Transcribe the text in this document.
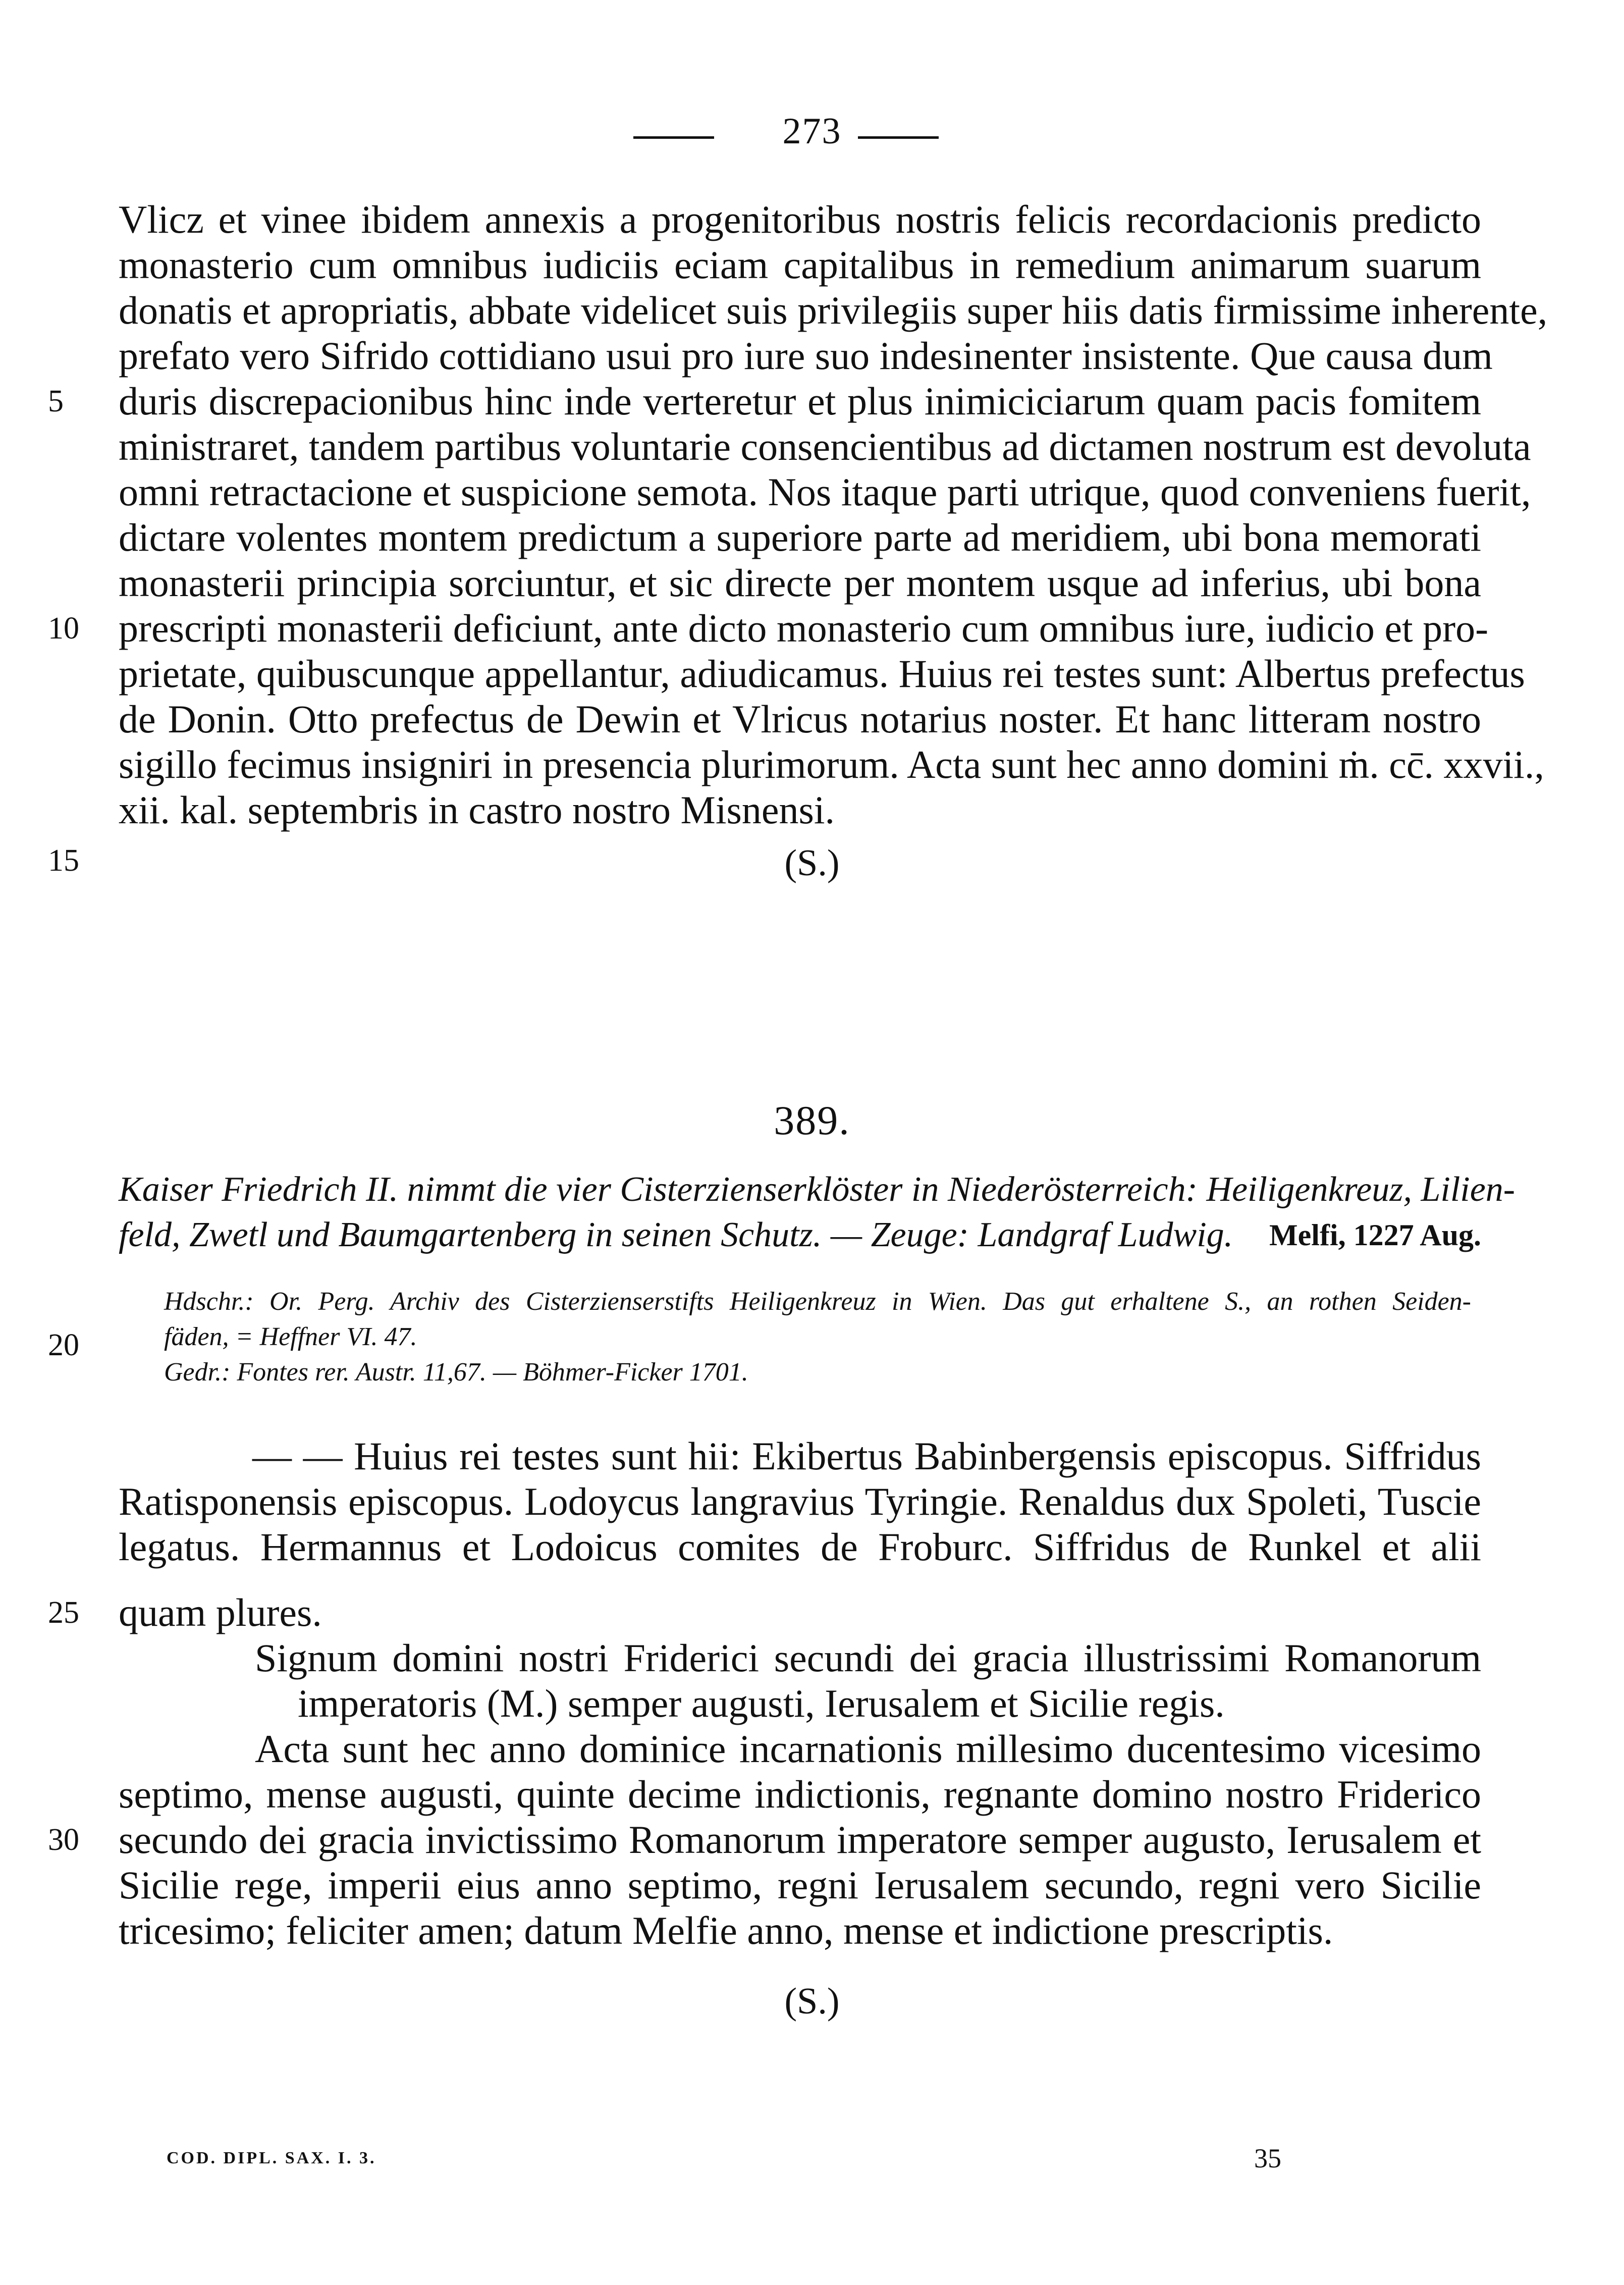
273
Vlicz et vinee ibidem annexis a progenitoribus nostris felicis recordacionis predicto
monasterio cum omnibus iudiciis eciam capitalibus in remedium animarum suarum
donatis et apropriatis, abbate videlicet suis privilegiis super hiis datis firmissime inherente,
prefato vero Sifrido cottidiano usui pro iure suo indesinenter insistente. Que causa dum
duris discrepacionibus hinc inde verteretur et plus inimiciciarum quam pacis fomitem
ministraret, tandem partibus voluntarie consencientibus ad dictamen nostrum est devoluta
omni retractacione et suspicione semota. Nos itaque parti utrique, quod conveniens fuerit,
dictare volentes montem predictum a superiore parte ad meridiem, ubi bona memorati
monasterii principia sorciuntur, et sic directe per montem usque ad inferius, ubi bona
prescripti monasterii deficiunt, ante dicto monasterio cum omnibus iure, iudicio et pro-
prietate, quibuscunque appellantur, adiudicamus. Huius rei testes sunt: Albertus prefectus
de Donin. Otto prefectus de Dewin et Vlricus notarius noster. Et hanc litteram nostro
sigillo fecimus insigniri in presencia plurimorum. Acta sunt hec anno domini ṁ. cc̄. xxvii.,
xii. kal. septembris in castro nostro Misnensi.
(S.)
5
10
15
20
25
30
389.
Kaiser Friedrich II. nimmt die vier Cisterzienserklöster in Niederösterreich: Heiligenkreuz, Lilien-
feld, Zwetl und Baumgartenberg in seinen Schutz. — Zeuge: Landgraf Ludwig. Melfi, 1227 Aug.
Hdschr.: Or. Perg. Archiv des Cisterzienserstifts Heiligenkreuz in Wien. Das gut erhaltene S., an rothen Seiden-
fäden, = Heffner VI. 47.
Gedr.: Fontes rer. Austr. 11,67. — Böhmer-Ficker 1701.
— — Huius rei testes sunt hii: Ekibertus Babinbergensis episcopus. Siffridus
Ratisponensis episcopus. Lodoycus langravius Tyringie. Renaldus dux Spoleti, Tuscie
legatus. Hermannus et Lodoicus comites de Froburc. Siffridus de Runkel et alii
quam plures.
Signum domini nostri Friderici secundi dei gracia illustrissimi Romanorum
imperatoris (M.) semper augusti, Ierusalem et Sicilie regis.
Acta sunt hec anno dominice incarnationis millesimo ducentesimo vicesimo
septimo, mense augusti, quinte decime indictionis, regnante domino nostro Friderico
secundo dei gracia invictissimo Romanorum imperatore semper augusto, Ierusalem et
Sicilie rege, imperii eius anno septimo, regni Ierusalem secundo, regni vero Sicilie
tricesimo; feliciter amen; datum Melfie anno, mense et indictione prescriptis.
(S.)
COD. DIPL. SAX. I. 3.	35
